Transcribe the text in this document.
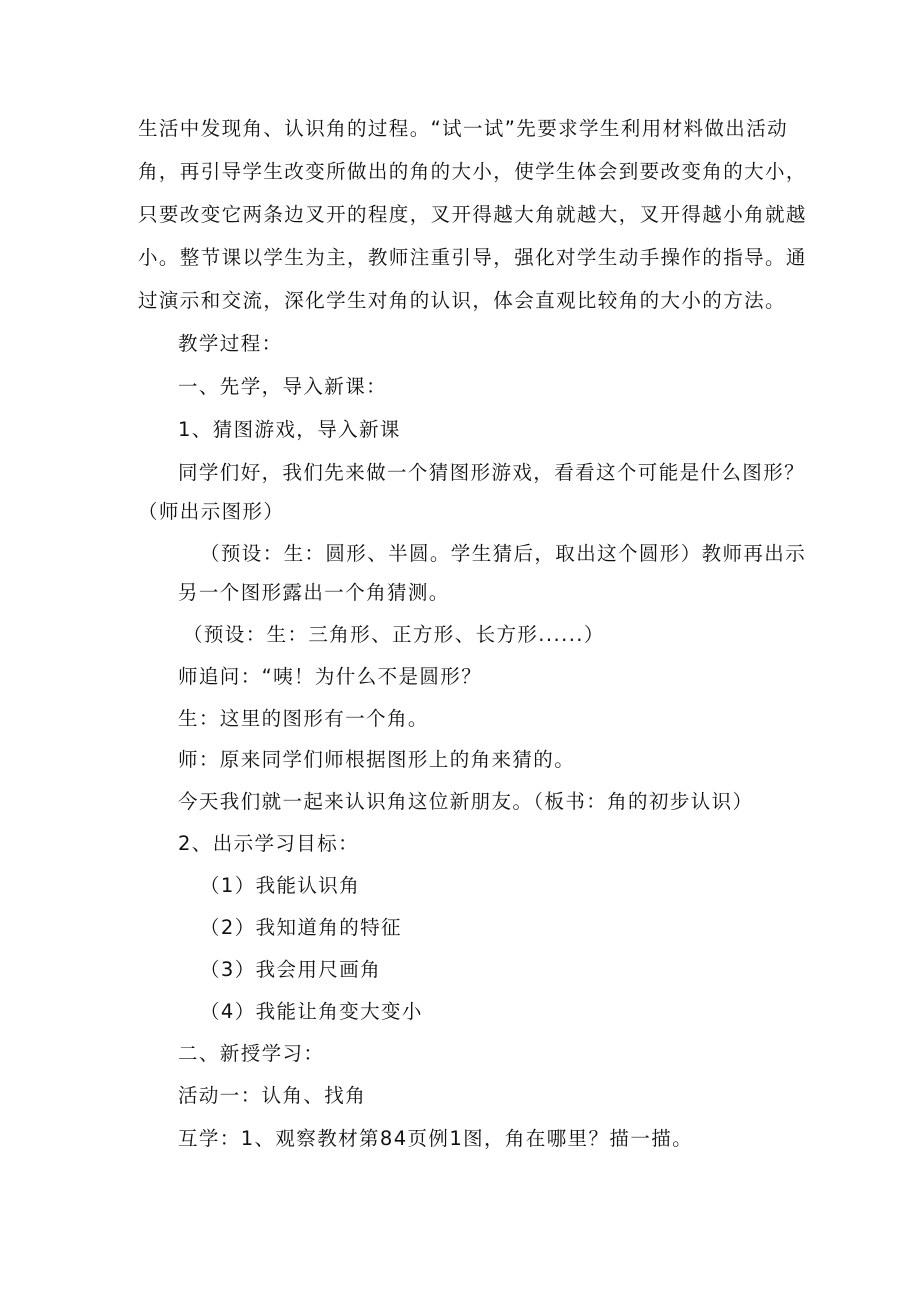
生活中发现角、认识角的过程。“试一试”先要求学生利用材料做出活动
角，再引导学生改变所做出的角的大小，使学生体会到要改变角的大小，
只要改变它两条边叉开的程度，叉开得越大角就越大，叉开得越小角就越
小。整节课以学生为主，教师注重引导，强化对学生动手操作的指导。通
过演示和交流，深化学生对角的认识，体会直观比较角的大小的方法。
教学过程：
一、先学，导入新课：
1、猜图游戏，导入新课
同学们好，我们先来做一个猜图形游戏，看看这个可能是什么图形？
（师出示图形）
（预设：生：圆形、半圆。学生猜后，取出这个圆形）教师再出示
另一个图形露出一个角猜测。
（预设：生：三角形、正方形、长方形......）
师追问：“咦！为什么不是圆形？
生：这里的图形有一个角。
师：原来同学们师根据图形上的角来猜的。
今天我们就一起来认识角这位新朋友。（板书：角的初步认识）
2、出示学习目标：
（1）我能认识角
（2）我知道角的特征
（3）我会用尺画角
（4）我能让角变大变小
二、新授学习：
活动一：认角、找角
互学：1、观察教材第84页例1图，角在哪里？描一描。
